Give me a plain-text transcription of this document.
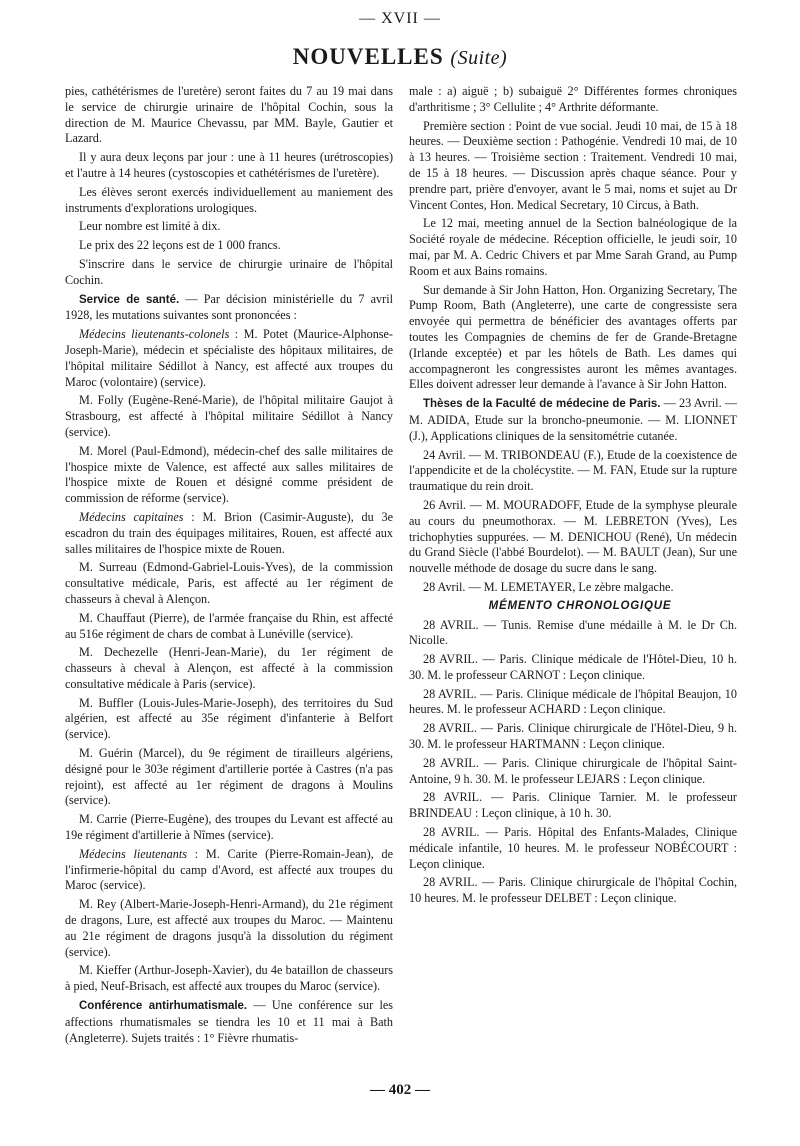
— XVII —
NOUVELLES (Suite)

pies, cathétérismes de l'uretère) seront faites du 7 au 19 mai dans le service de chirurgie urinaire de l'hôpital Cochin, sous la direction de M. Maurice Chevassu, par MM. Bayle, Gautier et Lazard.

Il y aura deux leçons par jour : une à 11 heures (urétroscopies) et l'autre à 14 heures (cystoscopies et cathétérismes de l'uretère).

Les élèves seront exercés individuellement au maniement des instruments d'explorations urologiques.

Leur nombre est limité à dix.

Le prix des 22 leçons est de 1 000 francs.

S'inscrire dans le service de chirurgie urinaire de l'hôpital Cochin.

Service de santé. — Par décision ministérielle du 7 avril 1928, les mutations suivantes sont prononcées :

Médecins lieutenants-colonels : M. Potet (Maurice-Alphonse-Joseph-Marie), médecin et spécialiste des hôpitaux militaires, de l'hôpital militaire Sédillot à Nancy, est affecté aux troupes du Maroc (volontaire) (service).

M. Folly (Eugène-René-Marie), de l'hôpital militaire Gaujot à Strasbourg, est affecté à l'hôpital militaire Sédillot à Nancy (service).

M. Morel (Paul-Edmond), médecin-chef des salle militaires de l'hospice mixte de Valence, est affecté aux salles militaires de l'hospice mixte de Rouen et désigné comme président de commission de réforme (service).

Médecins capitaines : M. Brion (Casimir-Auguste), du 3e escadron du train des équipages militaires, Rouen, est affecté aux salles militaires de l'hospice mixte de Rouen.

M. Surreau (Edmond-Gabriel-Louis-Yves), de la commission consultative médicale, Paris, est affecté au 1er régiment de chasseurs à cheval à Alençon.

M. Chauffaut (Pierre), de l'armée française du Rhin, est affecté au 516e régiment de chars de combat à Lunéville (service).

M. Dechezelle (Henri-Jean-Marie), du 1er régiment de chasseurs à cheval à Alençon, est affecté à la commission consultative médicale à Paris (service).

M. Buffler (Louis-Jules-Marie-Joseph), des territoires du Sud algérien, est affecté au 35e régiment d'infanterie à Belfort (service).

M. Guérin (Marcel), du 9e régiment de tirailleurs algériens, désigné pour le 303e régiment d'artillerie portée à Castres (n'a pas rejoint), est affecté au 1er régiment de dragons à Moulins (service).

M. Carrie (Pierre-Eugène), des troupes du Levant est affecté au 19e régiment d'artillerie à Nîmes (service).

Médecins lieutenants : M. Carite (Pierre-Romain-Jean), de l'infirmerie-hôpital du camp d'Avord, est affecté aux troupes du Maroc (service).

M. Rey (Albert-Marie-Joseph-Henri-Armand), du 21e régiment de dragons, Lure, est affecté aux troupes du Maroc. — Maintenu au 21e régiment de dragons jusqu'à la dissolution du régiment (service).

M. Kieffer (Arthur-Joseph-Xavier), du 4e bataillon de chasseurs à pied, Neuf-Brisach, est affecté aux troupes du Maroc (service).

Conférence antirhumatismale. — Une conférence sur les affections rhumatismales se tiendra les 10 et 11 mai à Bath (Angleterre). Sujets traités : 1° Fièvre rhumatis-

male : a) aiguë ; b) subaiguë 2° Différentes formes chroniques d'arthritisme ; 3° Cellulite ; 4° Arthrite déformante.

Première section : Point de vue social. Jeudi 10 mai, de 15 à 18 heures. — Deuxième section : Pathogénie. Vendredi 10 mai, de 10 à 13 heures. — Troisième section : Traitement. Vendredi 10 mai, de 15 à 18 heures. — Discussion après chaque séance. Pour y prendre part, prière d'envoyer, avant le 5 mai, noms et sujet au Dr Vincent Contes, Hon. Medical Secretary, 10 Circus, à Bath.

Le 12 mai, meeting annuel de la Section balnéologique de la Société royale de médecine. Réception officielle, le jeudi soir, 10 mai, par M. A. Cedric Chivers et par Mme Sarah Grand, au Pump Room et aux Bains romains.

Sur demande à Sir John Hatton, Hon. Organizing Secretary, The Pump Room, Bath (Angleterre), une carte de congressiste sera envoyée qui permettra de bénéficier des avantages offerts par toutes les Compagnies de chemins de fer de Grande-Bretagne (Irlande exceptée) et par les hôtels de Bath. Les dames qui accompagneront les congressistes auront les mêmes avantages. Elles doivent adresser leur demande à l'avance à Sir John Hatton.

Thèses de la Faculté de médecine de Paris. — 23 Avril. — M. ADIDA, Etude sur la broncho-pneumonie. — M. LIONNET (J.), Applications cliniques de la sensitométrie cutanée.

24 Avril. — M. TRIBONDEAU (F.), Etude de la coexistence de l'appendicite et de la cholécystite. — M. FAN, Etude sur la rupture traumatique du rein droit.

26 Avril. — M. MOURADOFF, Etude de la symphyse pleurale au cours du pneumothorax. — M. LEBRETON (Yves), Les trichophyties suppurées. — M. DENICHOU (René), Un médecin du Grand Siècle (l'abbé Bourdelot). — M. BAULT (Jean), Sur une nouvelle méthode de dosage du sucre dans le sang.

28 Avril. — M. LEMETAYER, Le zèbre malgache.

MÉMENTO CHRONOLOGIQUE

28 AVRIL. — Tunis. Remise d'une médaille à M. le Dr Ch. Nicolle.

28 AVRIL. — Paris. Clinique médicale de l'Hôtel-Dieu, 10 h. 30. M. le professeur CARNOT : Leçon clinique.

28 AVRIL. — Paris. Clinique médicale de l'hôpital Beaujon, 10 heures. M. le professeur ACHARD : Leçon clinique.

28 AVRIL. — Paris. Clinique chirurgicale de l'Hôtel-Dieu, 9 h. 30. M. le professeur HARTMANN : Leçon clinique.

28 AVRIL. — Paris. Clinique chirurgicale de l'hôpital Saint-Antoine, 9 h. 30. M. le professeur LEJARS : Leçon clinique.

28 AVRIL. — Paris. Clinique Tarnier. M. le professeur BRINDEAU : Leçon clinique, à 10 h. 30.

28 AVRIL. — Paris. Hôpital des Enfants-Malades, Clinique médicale infantile, 10 heures. M. le professeur NOBÉCOURT : Leçon clinique.

28 AVRIL. — Paris. Clinique chirurgicale de l'hôpital Cochin, 10 heures. M. le professeur DELBET : Leçon clinique.

— 402 —
